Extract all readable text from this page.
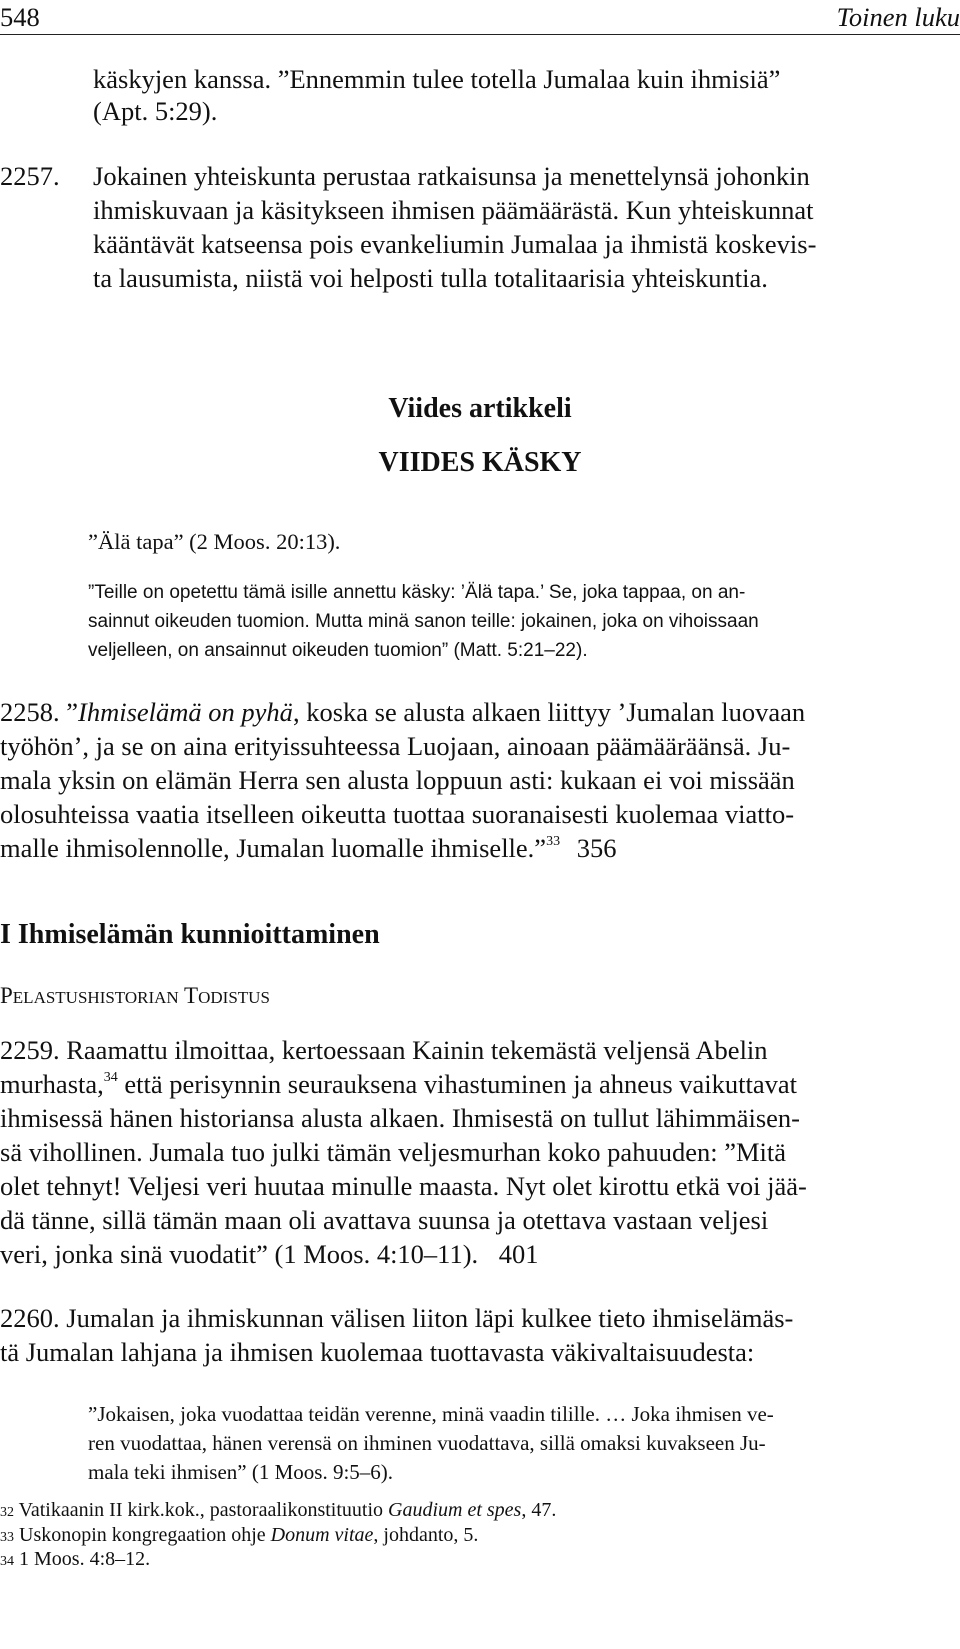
548	Toinen luku
käskyjen kanssa. ”Ennemmin tulee totella Jumalaa kuin ihmisiä”
(Apt. 5:29).
2257. Jokainen yhteiskunta perustaa ratkaisunsa ja menettelynsä johonkin
ihmiskuvaan ja käsitykseen ihmisen päämäärästä. Kun yhteiskunnat
kääntävät katseensa pois evankeliumin Jumalaa ja ihmistä koskevis-
ta lausumista, niistä voi helposti tulla totalitaarisia yhteiskuntia.
Viides artikkeli
VIIDES KÄSKY
”Älä tapa” (2 Moos. 20:13).
”Teille on opetettu tämä isille annettu käsky: ’Älä tapa.’ Se, joka tappaa, on an-
sainnut oikeuden tuomion. Mutta minä sanon teille: jokainen, joka on vihoissaan
veljelleen, on ansainnut oikeuden tuomion” (Matt. 5:21–22).
2258. ”Ihmiselämä on pyhä, koska se alusta alkaen liittyy ’Jumalan luovaan
työhön’, ja se on aina erityissuhteessa Luojaan, ainoaan päämääräänsä. Ju-
mala yksin on elämän Herra sen alusta loppuun asti: kukaan ei voi missään
olosuhteissa vaatia itselleen oikeutta tuottaa suoranaisesti kuolemaa viatto-
malle ihmisolennolle, Jumalan luomalle ihmiselle.”$^{33}$ 356
I Ihmiselämän kunnioittaminen
PELASTUSHISTORIAN TODISTUS
2259. Raamattu ilmoittaa, kertoessaan Kainin tekemästä veljensä Abelin
murhasta,$^{34}$ että perisynnin seurauksena vihastuminen ja ahneus vaikuttavat
ihmisessä hänen historiansa alusta alkaen. Ihmisestä on tullut lähimmäisen-
sä vihollinen. Jumala tuo julki tämän veljesmurhan koko pahuuden: ”Mitä
olet tehnyt! Veljesi veri huutaa minulle maasta. Nyt olet kirottu etkä voi jää-
dä tänne, sillä tämän maan oli avattava suunsa ja otettava vastaan veljesi
veri, jonka sinä vuodatit” (1 Moos. 4:10–11). 401
2260. Jumalan ja ihmiskunnan välisen liiton läpi kulkee tieto ihmiselämäs-
tä Jumalan lahjana ja ihmisen kuolemaa tuottavasta väkivaltaisuudesta:
”Jokaisen, joka vuodattaa teidän verenne, minä vaadin tilille. … Joka ihmisen ve-
ren vuodattaa, hänen verensä on ihminen vuodattava, sillä omaksi kuvakseen Ju-
mala teki ihmisen” (1 Moos. 9:5–6).
32 Vatikaanin II kirk.kok., pastoraalikonstituutio Gaudium et spes, 47.
33 Uskonopin kongregaation ohje Donum vitae, johdanto, 5.
34 1 Moos. 4:8–12.
